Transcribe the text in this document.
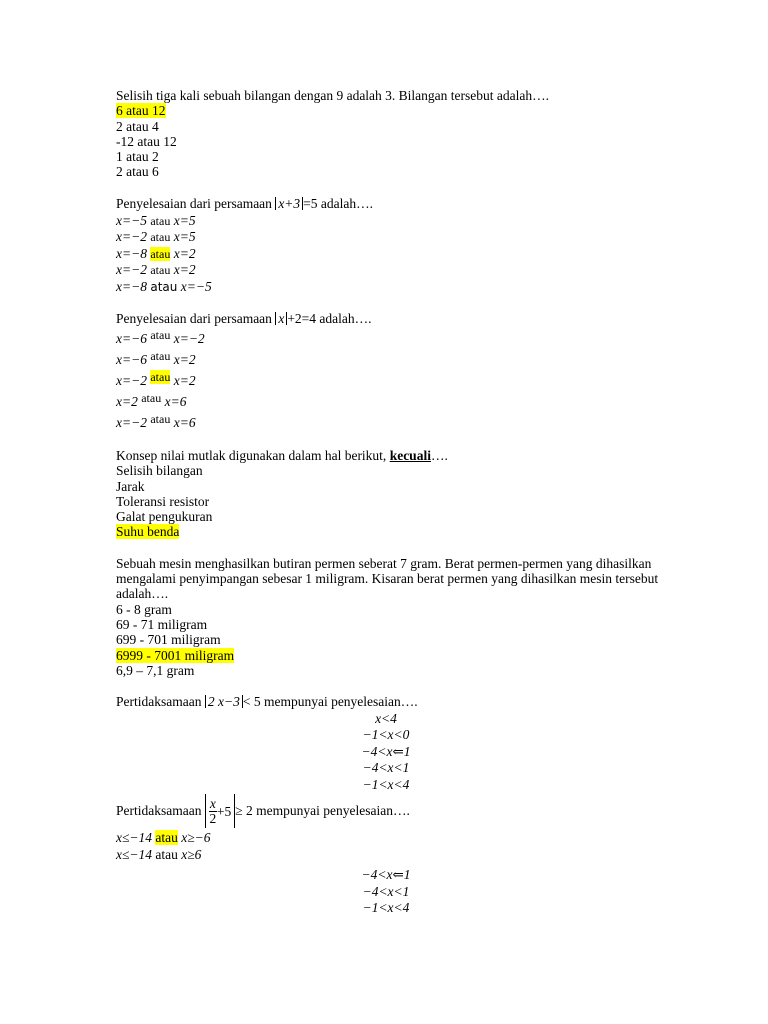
Selisih tiga kali sebuah bilangan dengan 9 adalah 3. Bilangan tersebut adalah….
6 atau 12
2 atau 4
-12 atau 12
1 atau 2
2 atau 6
Penyelesaian dari persamaan x+3 =5 adalah….
x=−5 atau x=5
x=−2 atau x=5
x=−8 atau x=2
x=−2 atau x=2
x=−8 atau x=−5
Penyelesaian dari persamaan x +2=4 adalah….
x=−6 atau x=−2
x=−6 atau x=2
x=−2 atau x=2
x=2 atau x=6
x=−2 atau x=6
Konsep nilai mutlak digunakan dalam hal berikut, kecuali….
Selisih bilangan
Jarak
Toleransi resistor
Galat pengukuran
Suhu benda
Sebuah mesin menghasilkan butiran permen seberat 7 gram. Berat permen-permen yang dihasilkan mengalami penyimpangan sebesar 1 miligram. Kisaran berat permen yang dihasilkan mesin tersebut adalah….
6 - 8 gram
69 - 71 miligram
699 - 701 miligram
6999 - 7001 miligram
6,9 – 7,1 gram
Pertidaksamaan 2 x−3 < 5 mempunyai penyelesaian….
x<4
−1<x<0
−4<x⇐1
−4<x<1
−1<x<4
Pertidaksamaan $\frac{x}{2} +5 \ge 2$ mempunyai penyelesaian….
x≤−14 atau x≥−6
x≤−14 atau x≥6
−4<x⇐1
−4<x<1
−1<x<4
